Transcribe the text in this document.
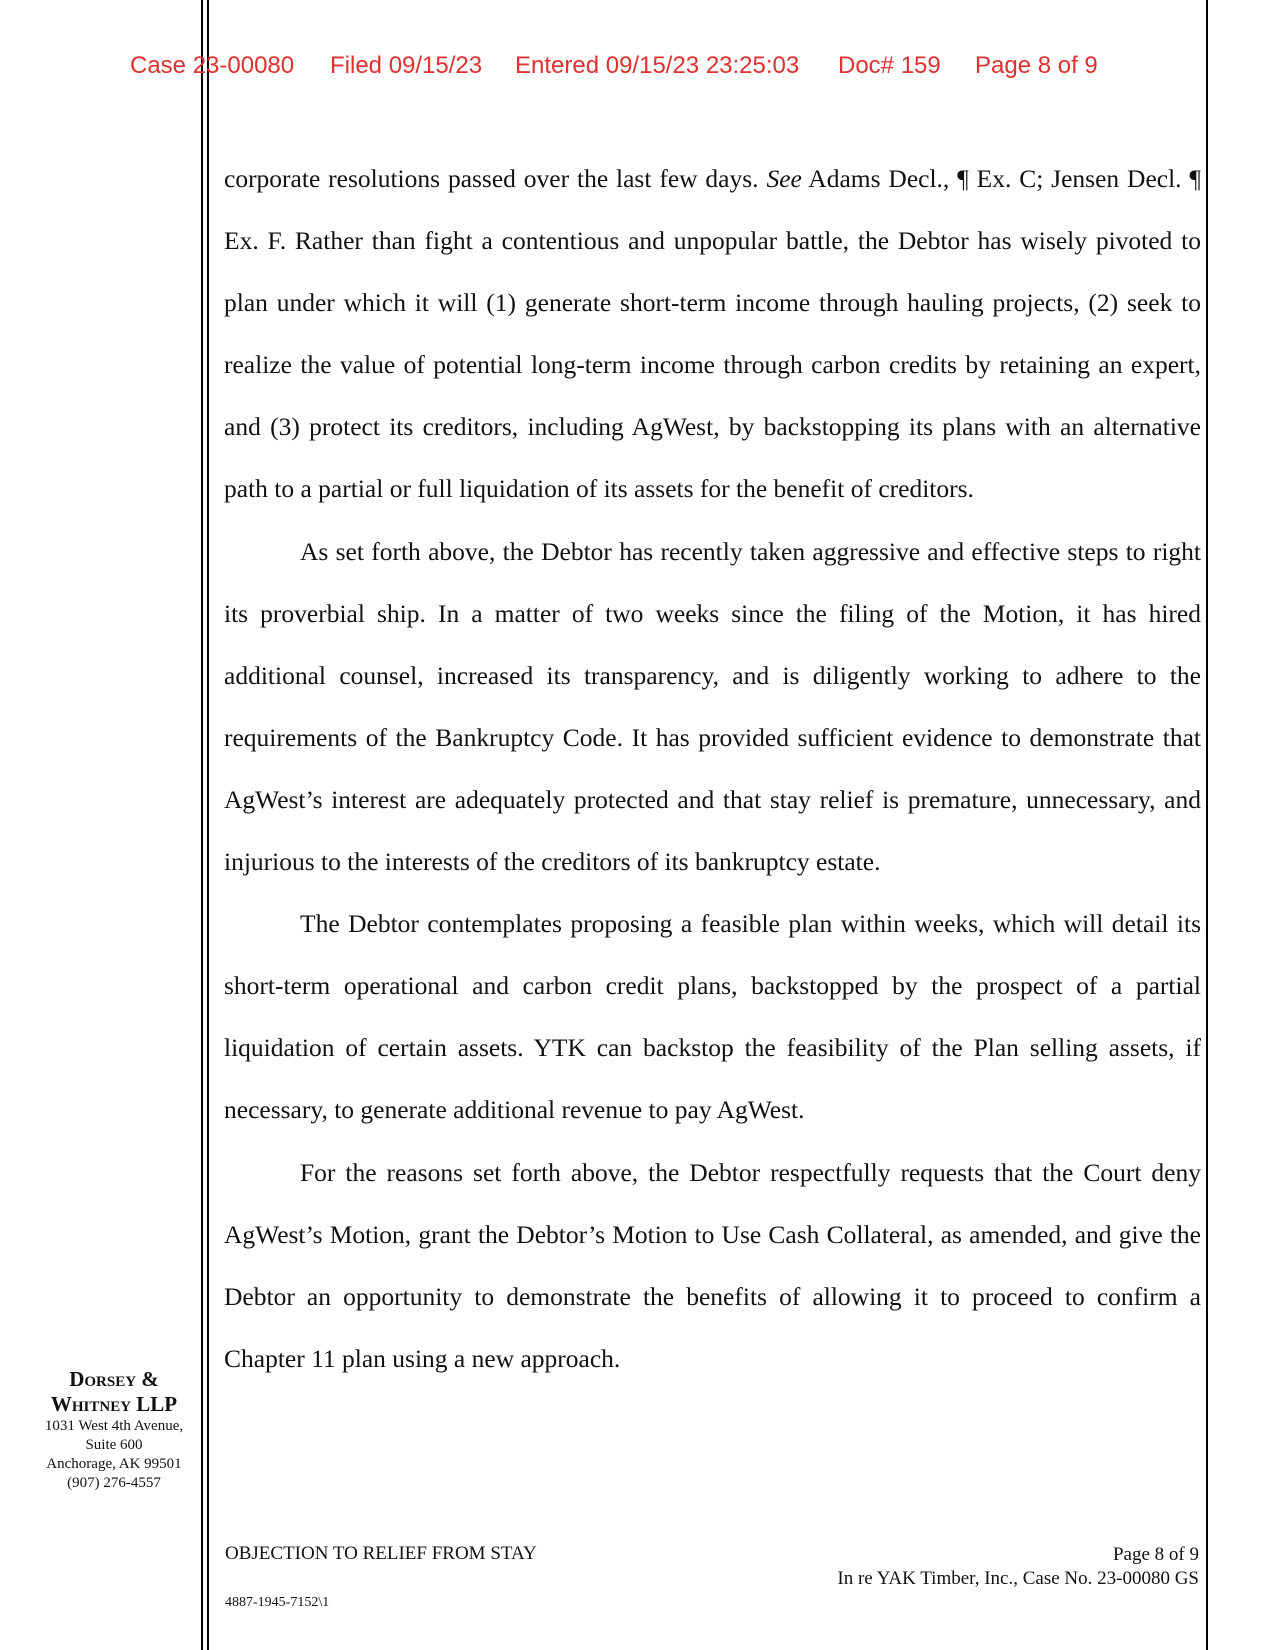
Case 23-00080 Filed 09/15/23 Entered 09/15/23 23:25:03 Doc# 159 Page 8 of 9

corporate resolutions passed over the last few days. See Adams Decl., ¶ Ex. C; Jensen Decl. ¶ Ex. F. Rather than fight a contentious and unpopular battle, the Debtor has wisely pivoted to plan under which it will (1) generate short-term income through hauling projects, (2) seek to realize the value of potential long-term income through carbon credits by retaining an expert, and (3) protect its creditors, including AgWest, by backstopping its plans with an alternative path to a partial or full liquidation of its assets for the benefit of creditors.

As set forth above, the Debtor has recently taken aggressive and effective steps to right its proverbial ship. In a matter of two weeks since the filing of the Motion, it has hired additional counsel, increased its transparency, and is diligently working to adhere to the requirements of the Bankruptcy Code. It has provided sufficient evidence to demonstrate that AgWest’s interest are adequately protected and that stay relief is premature, unnecessary, and injurious to the interests of the creditors of its bankruptcy estate.

The Debtor contemplates proposing a feasible plan within weeks, which will detail its short-term operational and carbon credit plans, backstopped by the prospect of a partial liquidation of certain assets. YTK can backstop the feasibility of the Plan selling assets, if necessary, to generate additional revenue to pay AgWest.

For the reasons set forth above, the Debtor respectfully requests that the Court deny AgWest’s Motion, grant the Debtor’s Motion to Use Cash Collateral, as amended, and give the Debtor an opportunity to demonstrate the benefits of allowing it to proceed to confirm a Chapter 11 plan using a new approach.

Dorsey &
Whitney LLP
1031 West 4th Avenue,
Suite 600
Anchorage, AK 99501
(907) 276-4557
OBJECTION TO RELIEF FROM STAY	Page 8 of 9
In re YAK Timber, Inc., Case No. 23-00080 GS
4887-1945-7152\1
